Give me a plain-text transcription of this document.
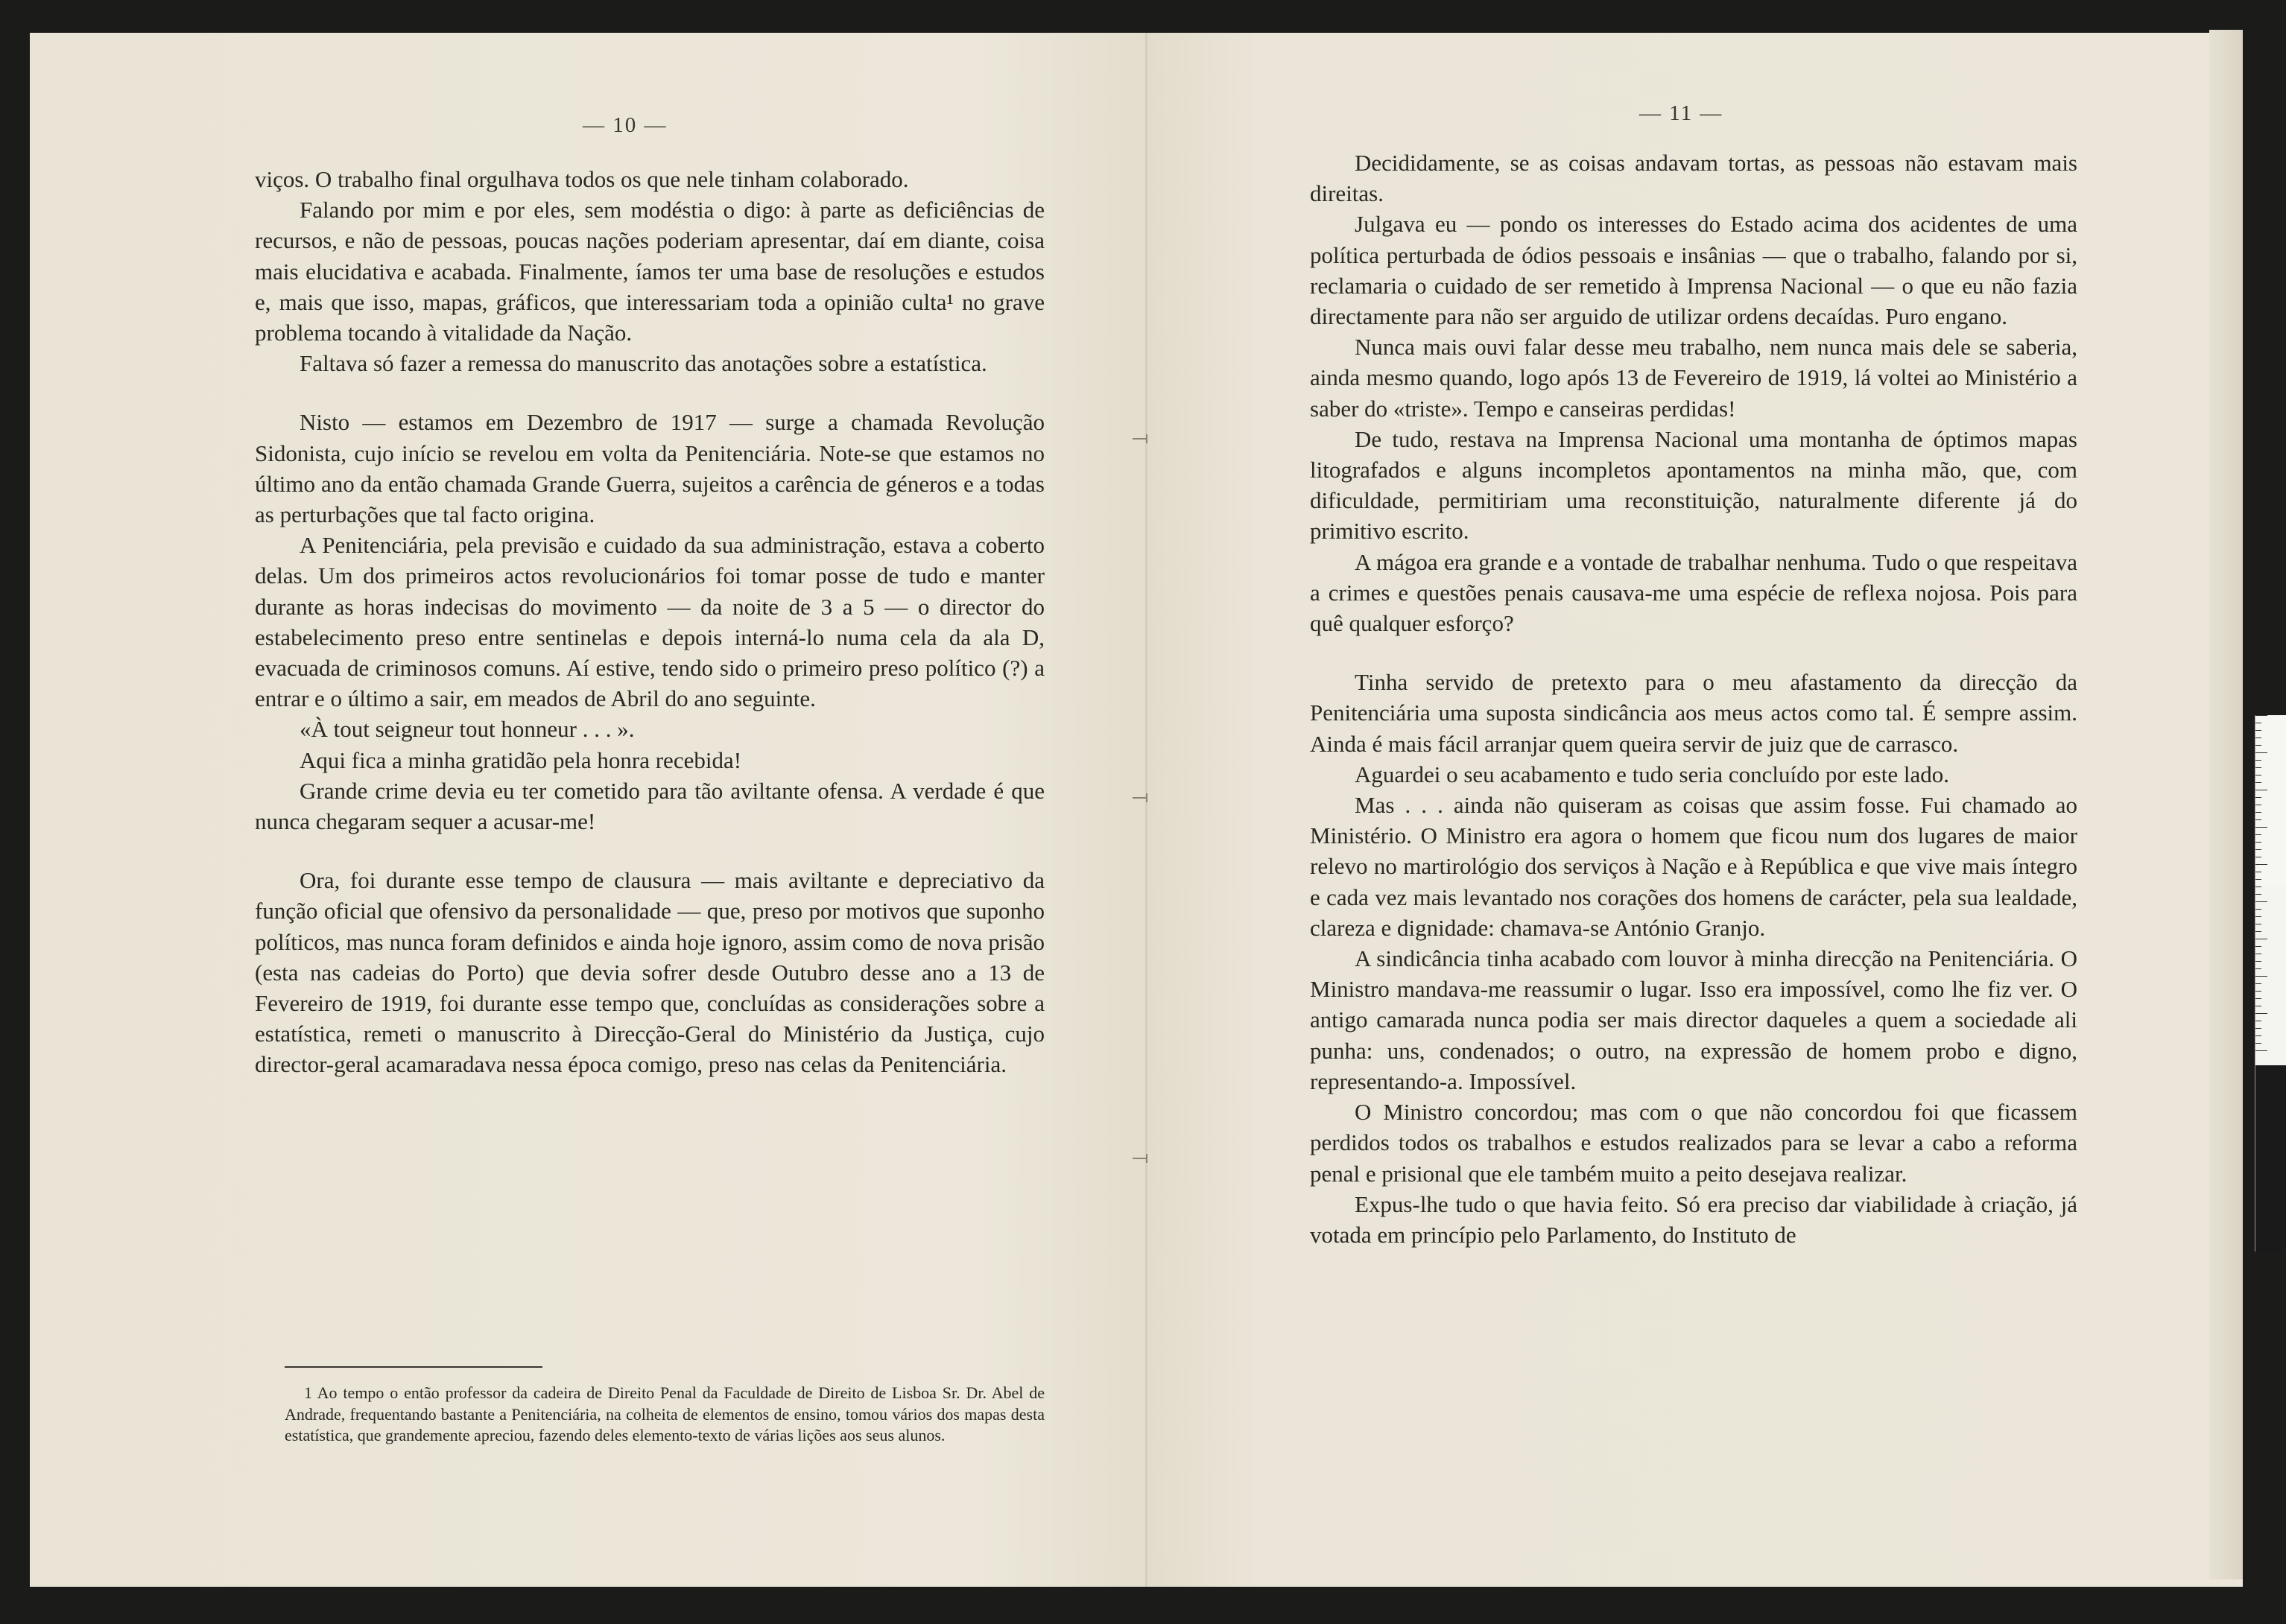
— 10 —

viços. O trabalho final orgulhava todos os que nele tinham colaborado.

Falando por mim e por eles, sem modéstia o digo: à parte as deficiências de recursos, e não de pessoas, poucas nações poderiam apresentar, daí em diante, coisa mais elucidativa e acabada. Finalmente, íamos ter uma base de resoluções e estudos e, mais que isso, mapas, gráficos, que interessariam toda a opinião culta¹ no grave problema tocando à vitalidade da Nação.

Faltava só fazer a remessa do manuscrito das anotações sobre a estatística.

Nisto — estamos em Dezembro de 1917 — surge a chamada Revolução Sidonista, cujo início se revelou em volta da Penitenciária. Note-se que estamos no último ano da então chamada Grande Guerra, sujeitos a carência de géneros e a todas as perturbações que tal facto origina.

A Penitenciária, pela previsão e cuidado da sua administração, estava a coberto delas. Um dos primeiros actos revolucionários foi tomar posse de tudo e manter durante as horas indecisas do movimento — da noite de 3 a 5 — o director do estabelecimento preso entre sentinelas e depois interná-lo numa cela da ala D, evacuada de criminosos comuns. Aí estive, tendo sido o primeiro preso político (?) a entrar e o último a sair, em meados de Abril do ano seguinte.

«À tout seigneur tout honneur . . . ».

Aqui fica a minha gratidão pela honra recebida!

Grande crime devia eu ter cometido para tão aviltante ofensa. A verdade é que nunca chegaram sequer a acusar-me!

Ora, foi durante esse tempo de clausura — mais aviltante e depreciativo da função oficial que ofensivo da personalidade — que, preso por motivos que suponho políticos, mas nunca foram definidos e ainda hoje ignoro, assim como de nova prisão (esta nas cadeias do Porto) que devia sofrer desde Outubro desse ano a 13 de Fevereiro de 1919, foi durante esse tempo que, concluídas as considerações sobre a estatística, remeti o manuscrito à Direcção-Geral do Ministério da Justiça, cujo director-geral acamaradava nessa época comigo, preso nas celas da Penitenciária.

1 Ao tempo o então professor da cadeira de Direito Penal da Faculdade de Direito de Lisboa Sr. Dr. Abel de Andrade, frequentando bastante a Penitenciária, na colheita de elementos de ensino, tomou vários dos mapas desta estatística, que grandemente apreciou, fazendo deles elemento-texto de várias lições aos seus alunos.

— 11 —

Decididamente, se as coisas andavam tortas, as pessoas não estavam mais direitas.

Julgava eu — pondo os interesses do Estado acima dos acidentes de uma política perturbada de ódios pessoais e insânias — que o trabalho, falando por si, reclamaria o cuidado de ser remetido à Imprensa Nacional — o que eu não fazia directamente para não ser arguido de utilizar ordens decaídas. Puro engano.

Nunca mais ouvi falar desse meu trabalho, nem nunca mais dele se saberia, ainda mesmo quando, logo após 13 de Fevereiro de 1919, lá voltei ao Ministério a saber do «triste». Tempo e canseiras perdidas!

De tudo, restava na Imprensa Nacional uma montanha de óptimos mapas litografados e alguns incompletos apontamentos na minha mão, que, com dificuldade, permitiriam uma reconstituição, naturalmente diferente já do primitivo escrito.

A mágoa era grande e a vontade de trabalhar nenhuma. Tudo o que respeitava a crimes e questões penais causava-me uma espécie de reflexa nojosa. Pois para quê qualquer esforço?

Tinha servido de pretexto para o meu afastamento da direcção da Penitenciária uma suposta sindicância aos meus actos como tal. É sempre assim. Ainda é mais fácil arranjar quem queira servir de juiz que de carrasco.

Aguardei o seu acabamento e tudo seria concluído por este lado.

Mas . . . ainda não quiseram as coisas que assim fosse. Fui chamado ao Ministério. O Ministro era agora o homem que ficou num dos lugares de maior relevo no martirológio dos serviços à Nação e à República e que vive mais íntegro e cada vez mais levantado nos corações dos homens de carácter, pela sua lealdade, clareza e dignidade: chamava-se António Granjo.

A sindicância tinha acabado com louvor à minha direcção na Penitenciária. O Ministro mandava-me reassumir o lugar. Isso era impossível, como lhe fiz ver. O antigo camarada nunca podia ser mais director daqueles a quem a sociedade ali punha: uns, condenados; o outro, na expressão de homem probo e digno, representando-a. Impossível.

O Ministro concordou; mas com o que não concordou foi que ficassem perdidos todos os trabalhos e estudos realizados para se levar a cabo a reforma penal e prisional que ele também muito a peito desejava realizar.

Expus-lhe tudo o que havia feito. Só era preciso dar viabilidade à criação, já votada em princípio pelo Parlamento, do Instituto de
